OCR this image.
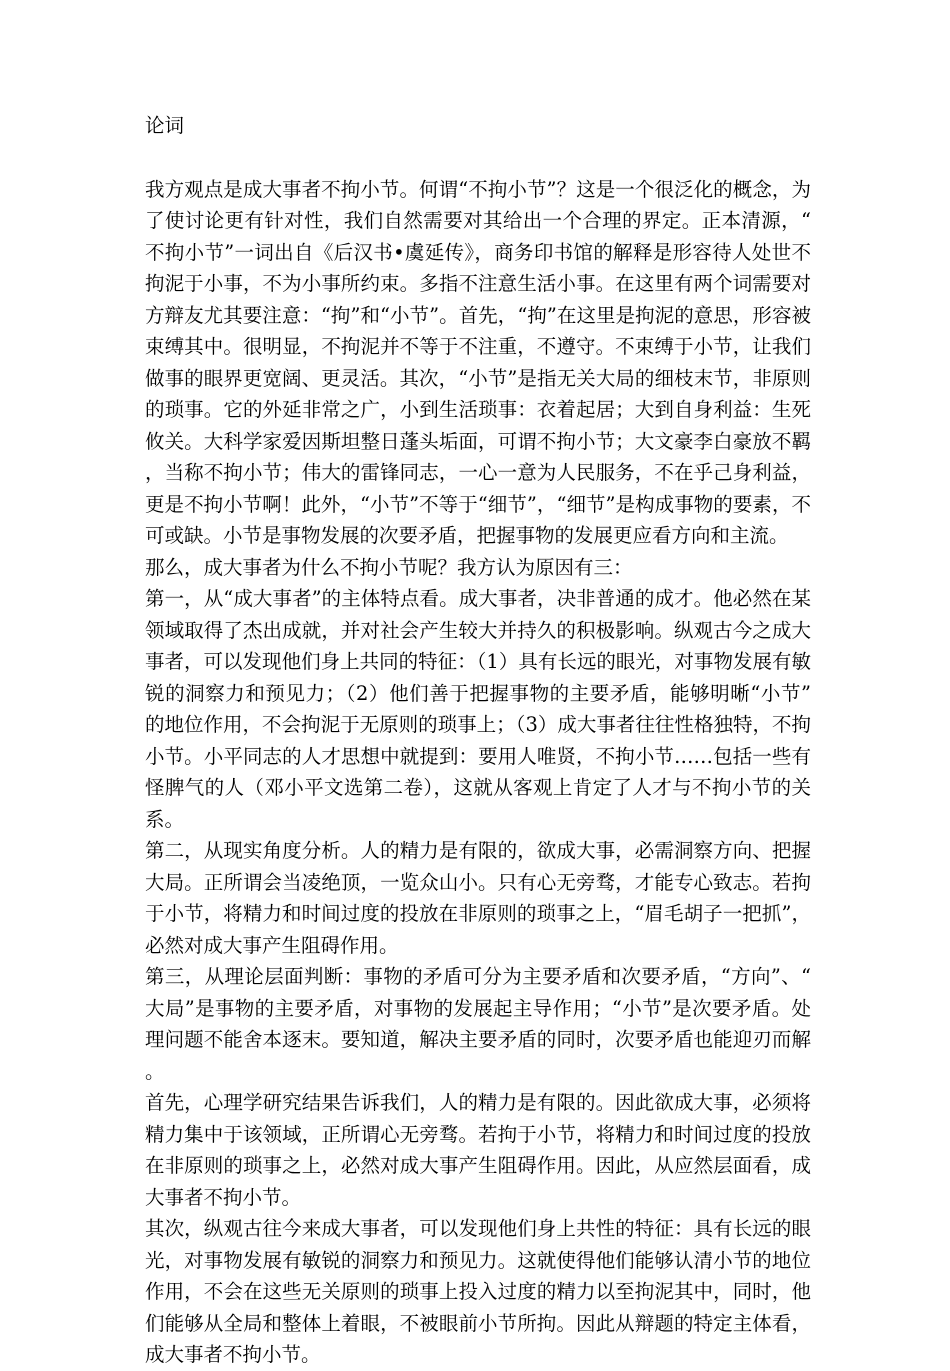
论词

我方观点是成大事者不拘小节。何谓“不拘小节”？这是一个很泛化的概念，为了使讨论更有针对性，我们自然需要对其给出一个合理的界定。正本清源，“不拘小节”一词出自《后汉书•虞延传》，商务印书馆的解释是形容待人处世不拘泥于小事，不为小事所约束。多指不注意生活小事。在这里有两个词需要对方辩友尤其要注意：“拘”和“小节”。首先，“拘”在这里是拘泥的意思，形容被束缚其中。很明显，不拘泥并不等于不注重，不遵守。不束缚于小节，让我们做事的眼界更宽阔、更灵活。其次，“小节”是指无关大局的细枝末节，非原则的琐事。它的外延非常之广，小到生活琐事：衣着起居；大到自身利益：生死攸关。大科学家爱因斯坦整日蓬头垢面，可谓不拘小节；大文豪李白豪放不羁，当称不拘小节；伟大的雷锋同志，一心一意为人民服务，不在乎己身利益，更是不拘小节啊！此外，“小节”不等于“细节”，“细节”是构成事物的要素，不可或缺。小节是事物发展的次要矛盾，把握事物的发展更应看方向和主流。

那么，成大事者为什么不拘小节呢？我方认为原因有三：

第一，从“成大事者”的主体特点看。成大事者，决非普通的成才。他必然在某领域取得了杰出成就，并对社会产生较大并持久的积极影响。纵观古今之成大事者，可以发现他们身上共同的特征：（1）具有长远的眼光，对事物发展有敏锐的洞察力和预见力；（2）他们善于把握事物的主要矛盾，能够明晰“小节”的地位作用，不会拘泥于无原则的琐事上；（3）成大事者往往性格独特，不拘小节。小平同志的人才思想中就提到：要用人唯贤，不拘小节……包括一些有怪脾气的人（邓小平文选第二卷），这就从客观上肯定了人才与不拘小节的关系。

第二，从现实角度分析。人的精力是有限的，欲成大事，必需洞察方向、把握大局。正所谓会当凌绝顶，一览众山小。只有心无旁骛，才能专心致志。若拘于小节，将精力和时间过度的投放在非原则的琐事之上，“眉毛胡子一把抓”，必然对成大事产生阻碍作用。

第三，从理论层面判断：事物的矛盾可分为主要矛盾和次要矛盾，“方向”、“大局”是事物的主要矛盾，对事物的发展起主导作用；“小节”是次要矛盾。处理问题不能舍本逐末。要知道，解决主要矛盾的同时，次要矛盾也能迎刃而解。

首先，心理学研究结果告诉我们，人的精力是有限的。因此欲成大事，必须将精力集中于该领域，正所谓心无旁骛。若拘于小节，将精力和时间过度的投放在非原则的琐事之上，必然对成大事产生阻碍作用。因此，从应然层面看，成大事者不拘小节。

其次，纵观古往今来成大事者，可以发现他们身上共性的特征：具有长远的眼光，对事物发展有敏锐的洞察力和预见力。这就使得他们能够认清小节的地位作用，不会在这些无关原则的琐事上投入过度的精力以至拘泥其中，同时，他们能够从全局和整体上着眼，不被眼前小节所拘。因此从辩题的特定主体看，成大事者不拘小节。
